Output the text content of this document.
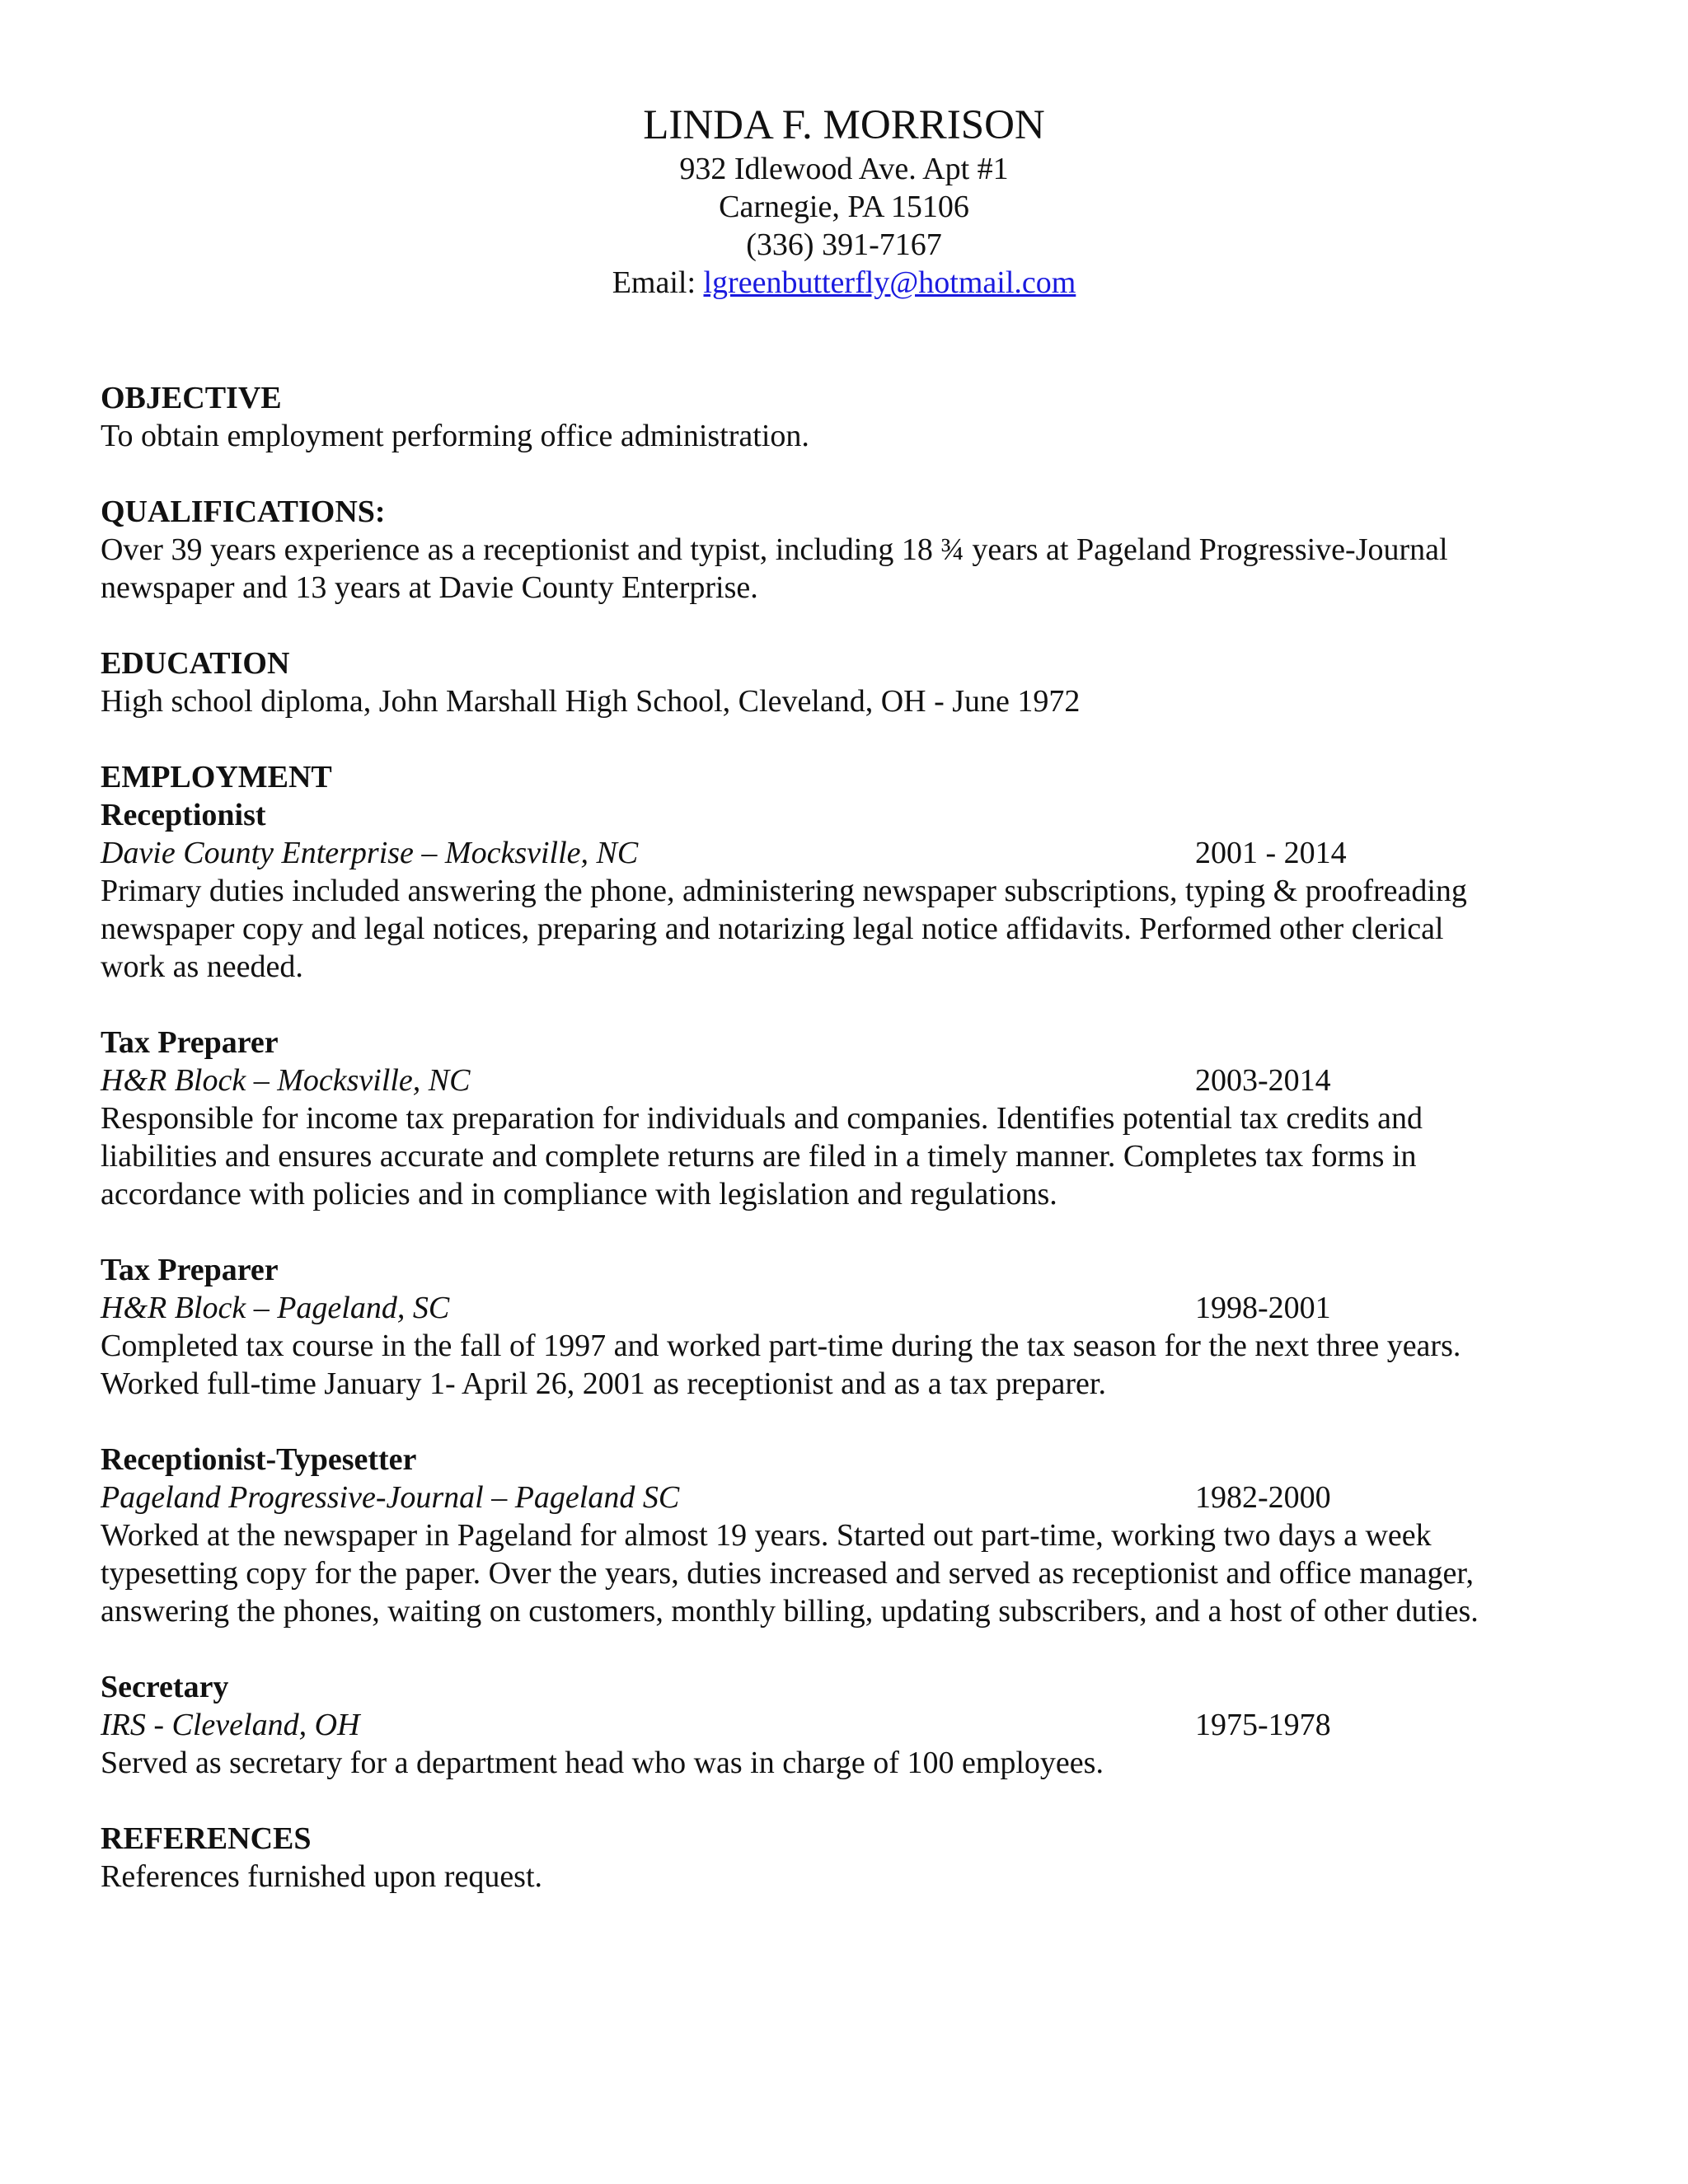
LINDA F. MORRISON

932 Idlewood Ave. Apt #1

Carnegie, PA 15106

(336) 391-7167

Email: lgreenbutterfly@hotmail.com

OBJECTIVE

To obtain employment performing office administration.

QUALIFICATIONS:

Over 39 years experience as a receptionist and typist, including 18 ¾ years at Pageland Progressive-Journal

newspaper and 13 years at Davie County Enterprise.

EDUCATION

High school diploma, John Marshall High School, Cleveland, OH - June 1972

EMPLOYMENT

Receptionist

Davie County Enterprise – Mocksville, NC	2001 - 2014

Primary duties included answering the phone, administering newspaper subscriptions, typing & proofreading

newspaper copy and legal notices, preparing and notarizing legal notice affidavits. Performed other clerical

work as needed.

Tax Preparer

H&R Block – Mocksville, NC	2003-2014

Responsible for income tax preparation for individuals and companies. Identifies potential tax credits and

liabilities and ensures accurate and complete returns are filed in a timely manner. Completes tax forms in

accordance with policies and in compliance with legislation and regulations.

Tax Preparer

H&R Block – Pageland, SC	1998-2001

Completed tax course in the fall of 1997 and worked part-time during the tax season for the next three years.

Worked full-time January 1- April 26, 2001 as receptionist and as a tax preparer.

Receptionist-Typesetter

Pageland Progressive-Journal – Pageland SC	1982-2000

Worked at the newspaper in Pageland for almost 19 years. Started out part-time, working two days a week

typesetting copy for the paper. Over the years, duties increased and served as receptionist and office manager,

answering the phones, waiting on customers, monthly billing, updating subscribers, and a host of other duties.

Secretary

IRS - Cleveland, OH	1975-1978

Served as secretary for a department head who was in charge of 100 employees.

REFERENCES

References furnished upon request.
